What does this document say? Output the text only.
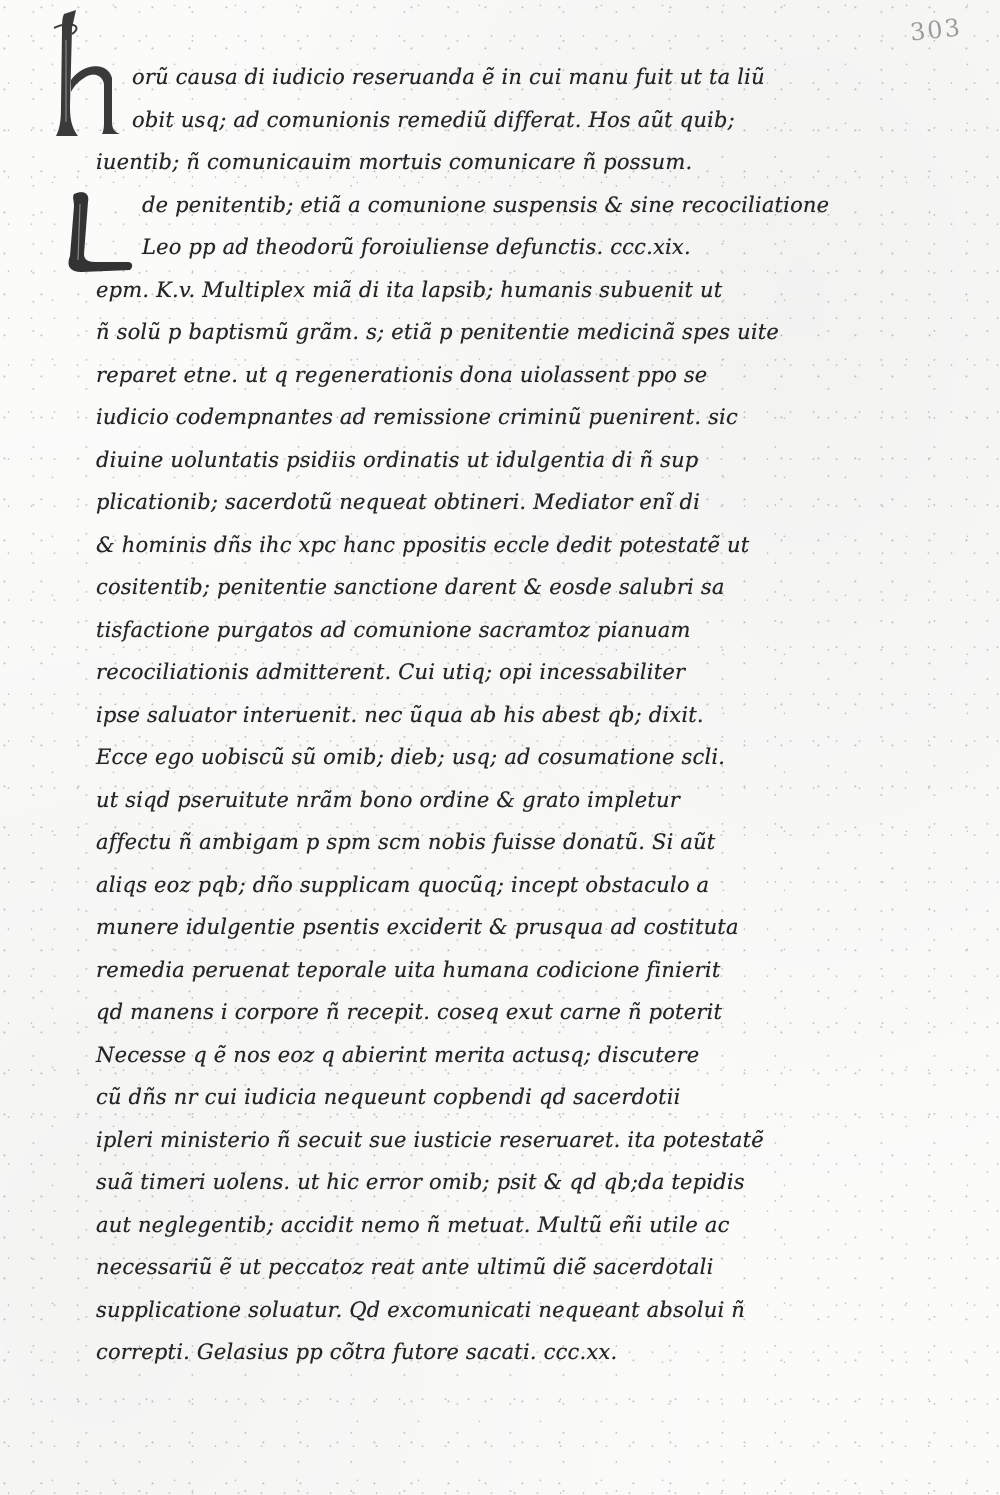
303
orũ causa di iudicio reseruanda ẽ in cui manu fuit ut ta liũ
obit usq; ad comunionis remediũ differat. Hos aũt quib;
iuentib; ñ comunicauim mortuis comunicare ñ possum.
de penitentib; etiã a comunione suspensis & sine recociliatione
Leo pp ad theodorũ foroiuliense defunctis. ccc.xix.
epm. K.v. Multiplex miã di ita lapsib; humanis subuenit ut
ñ solũ p baptismũ grãm. s; etiã p penitentie medicinã spes uite
reparet etne. ut q regenerationis dona uiolassent ppo se
iudicio codempnantes ad remissione criminũ puenirent. sic
diuine uoluntatis psidiis ordinatis ut idulgentia di ñ sup
plicationib; sacerdotũ nequeat obtineri. Mediator enĩ di
& hominis dñs ihc xpc hanc ppositis eccle dedit potestatẽ ut
cositentib; penitentie sanctione darent & eosde salubri sa
tisfactione purgatos ad comunione sacramtoz pianuam
recociliationis admitterent. Cui utiq; opi incessabiliter
ipse saluator interuenit. nec ũqua ab his abest qb; dixit.
Ecce ego uobiscũ sũ omib; dieb; usq; ad cosumatione scli.
ut siqd pseruitute nrãm bono ordine & grato impletur
affectu ñ ambigam p spm scm nobis fuisse donatũ. Si aũt
aliqs eoz pqb; dño supplicam quocũq; incept obstaculo a
munere idulgentie psentis exciderit & prusqua ad costituta
remedia peruenat teporale uita humana codicione finierit
qd manens i corpore ñ recepit. coseq exut carne ñ poterit
Necesse q ẽ nos eoz q abierint merita actusq; discutere
cũ dñs nr cui iudicia nequeunt copbendi qd sacerdotii
ipleri ministerio ñ secuit sue iusticie reseruaret. ita potestatẽ
suã timeri uolens. ut hic error omib; psit & qd qb;da tepidis
aut neglegentib; accidit nemo ñ metuat. Multũ eñi utile ac
necessariũ ẽ ut peccatoz reat ante ultimũ diẽ sacerdotali
supplicatione soluatur. Qd excomunicati nequeant absolui ñ
correpti. Gelasius pp cõtra futore sacati. ccc.xx.
